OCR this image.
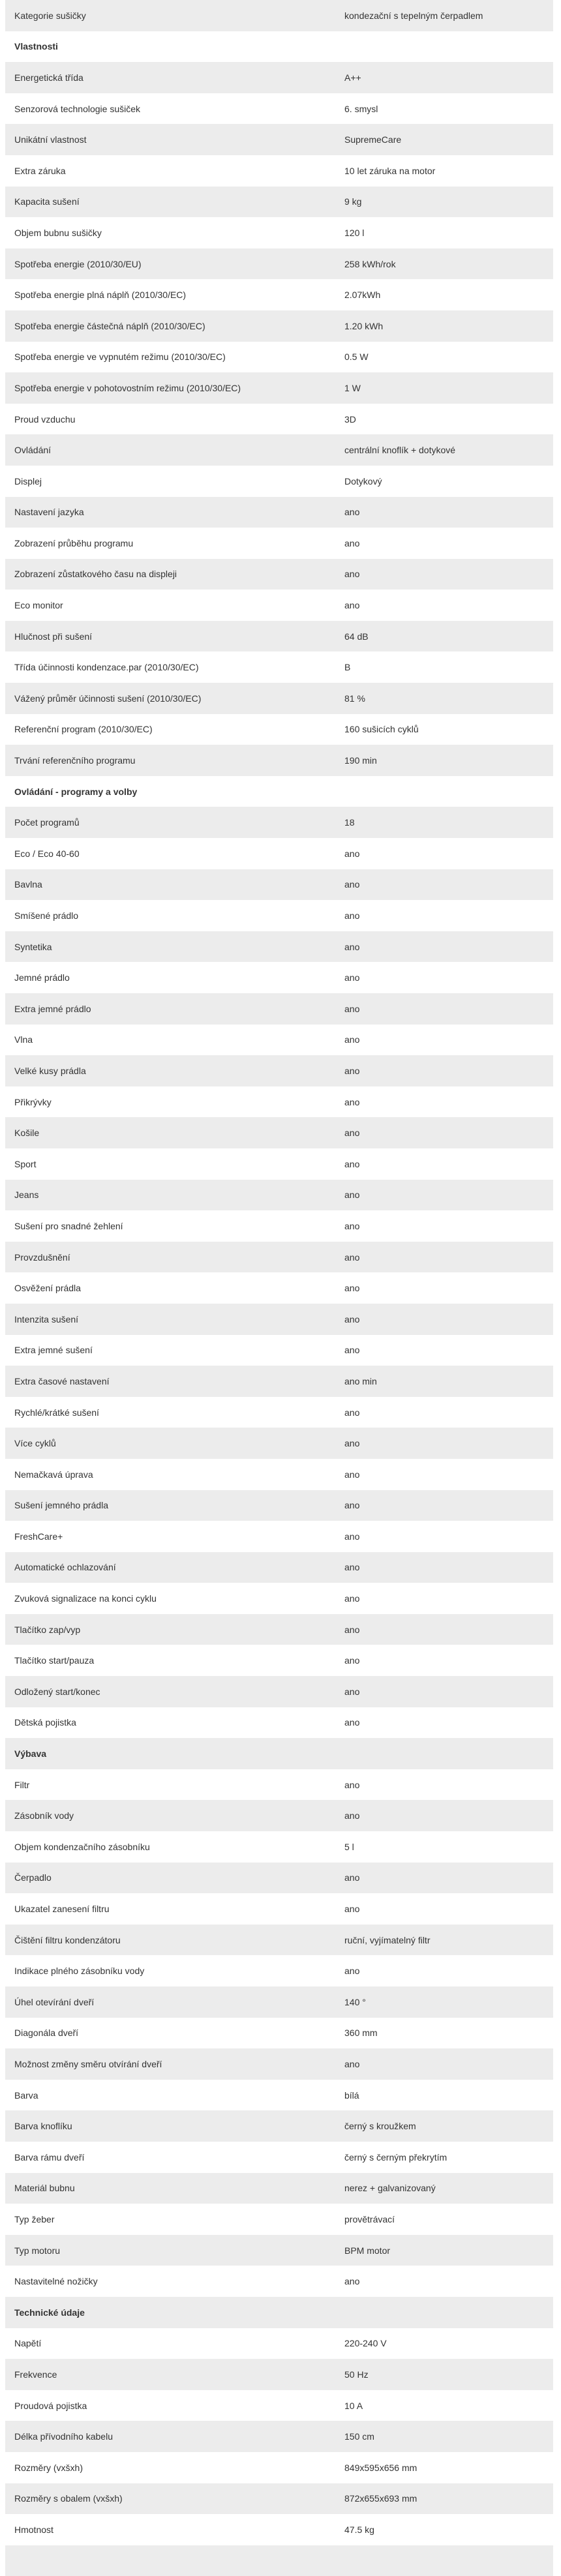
Kategorie sušičky	kondezační s tepelným čerpadlem
Vlastnosti
Energetická třída	A++
Senzorová technologie sušiček	6. smysl
Unikátní vlastnost	SupremeCare
Extra záruka	10 let záruka na motor
Kapacita sušení	9 kg
Objem bubnu sušičky	120 l
Spotřeba energie (2010/30/EU)	258 kWh/rok
Spotřeba energie plná náplň (2010/30/EC)	2.07kWh
Spotřeba energie částečná náplň (2010/30/EC)	1.20 kWh
Spotřeba energie ve vypnutém režimu (2010/30/EC)	0.5 W
Spotřeba energie v pohotovostním režimu (2010/30/EC)	1 W
Proud vzduchu	3D
Ovládání	centrální knoflík + dotykové
Displej	Dotykový
Nastavení jazyka	ano
Zobrazení průběhu programu	ano
Zobrazení zůstatkového času na displeji	ano
Eco monitor	ano
Hlučnost při sušení	64 dB
Třída účinnosti kondenzace.par (2010/30/EC)	B
Vážený průměr účinnosti sušení (2010/30/EC)	81 %
Referenční program (2010/30/EC)	160 sušicích cyklů
Trvání referenčního programu	190 min
Ovládání - programy a volby
Počet programů	18
Eco / Eco 40-60	ano
Bavlna	ano
Smíšené prádlo	ano
Syntetika	ano
Jemné prádlo	ano
Extra jemné prádlo	ano
Vlna	ano
Velké kusy prádla	ano
Přikrývky	ano
Košile	ano
Sport	ano
Jeans	ano
Sušení pro snadné žehlení	ano
Provzdušnění	ano
Osvěžení prádla	ano
Intenzita sušení	ano
Extra jemné sušení	ano
Extra časové nastavení	ano min
Rychlé/krátké sušení	ano
Více cyklů	ano
Nemačkavá úprava	ano
Sušení jemného prádla	ano
FreshCare+	ano
Automatické ochlazování	ano
Zvuková signalizace na konci cyklu	ano
Tlačítko zap/vyp	ano
Tlačítko start/pauza	ano
Odložený start/konec	ano
Dětská pojistka	ano
Výbava
Filtr	ano
Zásobník vody	ano
Objem kondenzačního zásobníku	5 l
Čerpadlo	ano
Ukazatel zanesení filtru	ano
Čištění filtru kondenzátoru	ruční, vyjímatelný filtr
Indikace plného zásobníku vody	ano
Úhel otevírání dveří	140 °
Diagonála dveří	360 mm
Možnost změny směru otvírání dveří	ano
Barva	bílá
Barva knoflíku	černý s kroužkem
Barva rámu dveří	černý s černým překrytím
Materiál bubnu	nerez + galvanizovaný
Typ žeber	provětrávací
Typ motoru	BPM motor
Nastavitelné nožičky	ano
Technické údaje
Napětí	220-240 V
Frekvence	50 Hz
Proudová pojistka	10 A
Délka přívodního kabelu	150 cm
Rozměry (vxšxh)	849x595x656 mm
Rozměry s obalem (vxšxh)	872x655x693 mm
Hmotnost	47.5 kg
